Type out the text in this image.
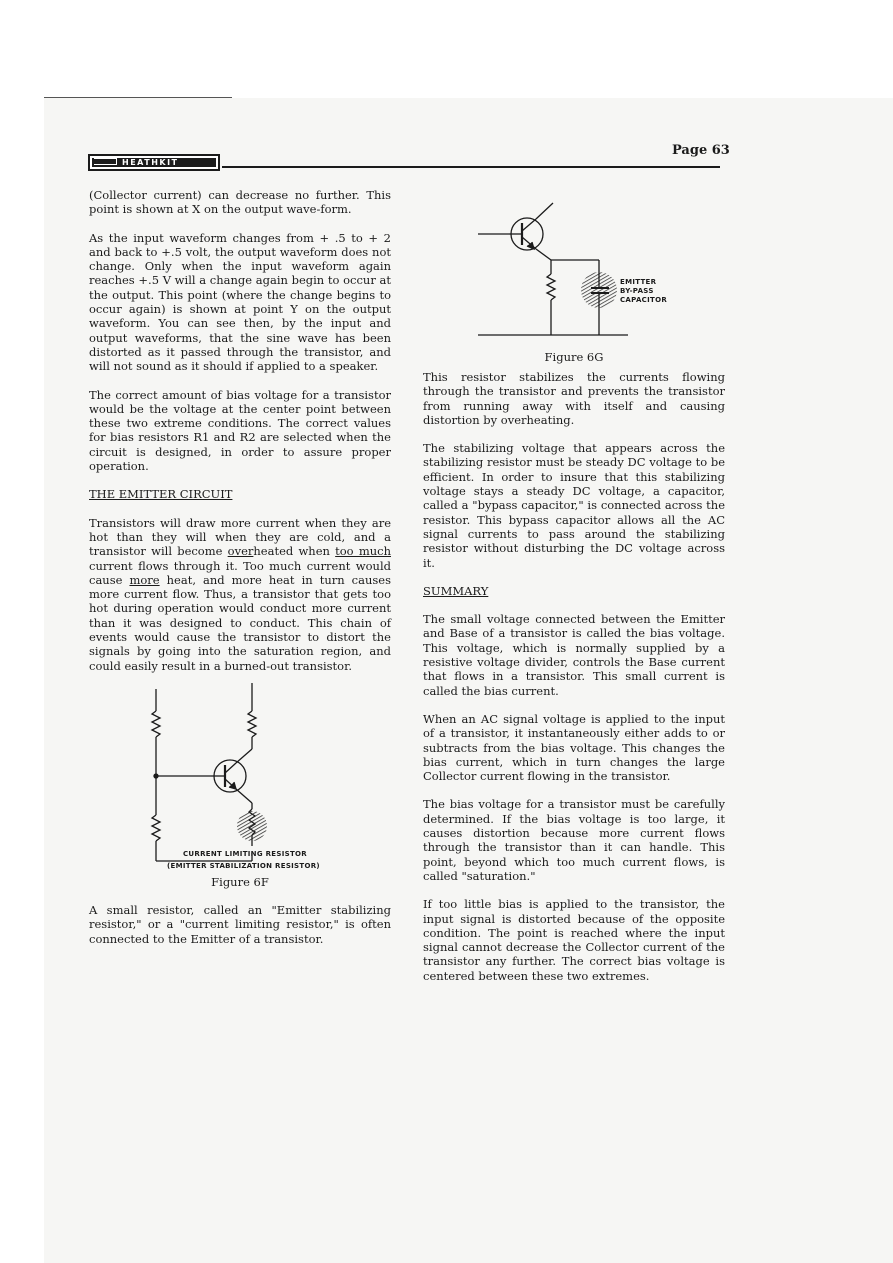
HEATHKIT
Page 63

(Collector current) can decrease no further. This point is shown at X on the output wave-form.

As the input waveform changes from + .5 to + 2 and back to +.5 volt, the output waveform does not change. Only when the input waveform again reaches +.5 V will a change again begin to occur at the output. This point (where the change begins to occur again) is shown at point Y on the output waveform. You can see then, by the input and output waveforms, that the sine wave has been distorted as it passed through the transistor, and will not sound as it should if applied to a speaker.

The correct amount of bias voltage for a transistor would be the voltage at the center point between these two extreme conditions. The correct values for bias resistors R1 and R2 are selected when the circuit is designed, in order to assure proper operation.

THE EMITTER CIRCUIT

Transistors will draw more current when they are hot than they will when they are cold, and a transistor will become overheated when too much current flows through it. Too much current would cause more heat, and more heat in turn causes more current flow. Thus, a transistor that gets too hot during operation would conduct more current than it was designed to conduct. This chain of events would cause the transistor to distort the signals by going into the saturation region, and could easily result in a burned-out transistor.

CURRENT LIMITING RESISTOR
(EMITTER STABILIZATION RESISTOR)
Figure 6F

A small resistor, called an "Emitter stabilizing resistor," or a "current limiting resistor," is often connected to the Emitter of a transistor.

EMITTER
BY-PASS
CAPACITOR
Figure 6G

This resistor stabilizes the currents flowing through the transistor and prevents the transistor from running away with itself and causing distortion by overheating.

The stabilizing voltage that appears across the stabilizing resistor must be steady DC voltage to be efficient. In order to insure that this stabilizing voltage stays a steady DC voltage, a capacitor, called a "bypass capacitor," is connected across the resistor. This bypass capacitor allows all the AC signal currents to pass around the stabilizing resistor without disturbing the DC voltage across it.

SUMMARY

The small voltage connected between the Emitter and Base of a transistor is called the bias voltage. This voltage, which is normally supplied by a resistive voltage divider, controls the Base current that flows in a transistor. This small current is called the bias current.

When an AC signal voltage is applied to the input of a transistor, it instantaneously either adds to or subtracts from the bias voltage. This changes the bias current, which in turn changes the large Collector current flowing in the transistor.

The bias voltage for a transistor must be carefully determined. If the bias voltage is too large, it causes distortion because more current flows through the transistor than it can handle. This point, beyond which too much current flows, is called "saturation."

If too little bias is applied to the transistor, the input signal is distorted because of the opposite condition. The point is reached where the input signal cannot decrease the Collector current of the transistor any further. The correct bias voltage is centered between these two extremes.
